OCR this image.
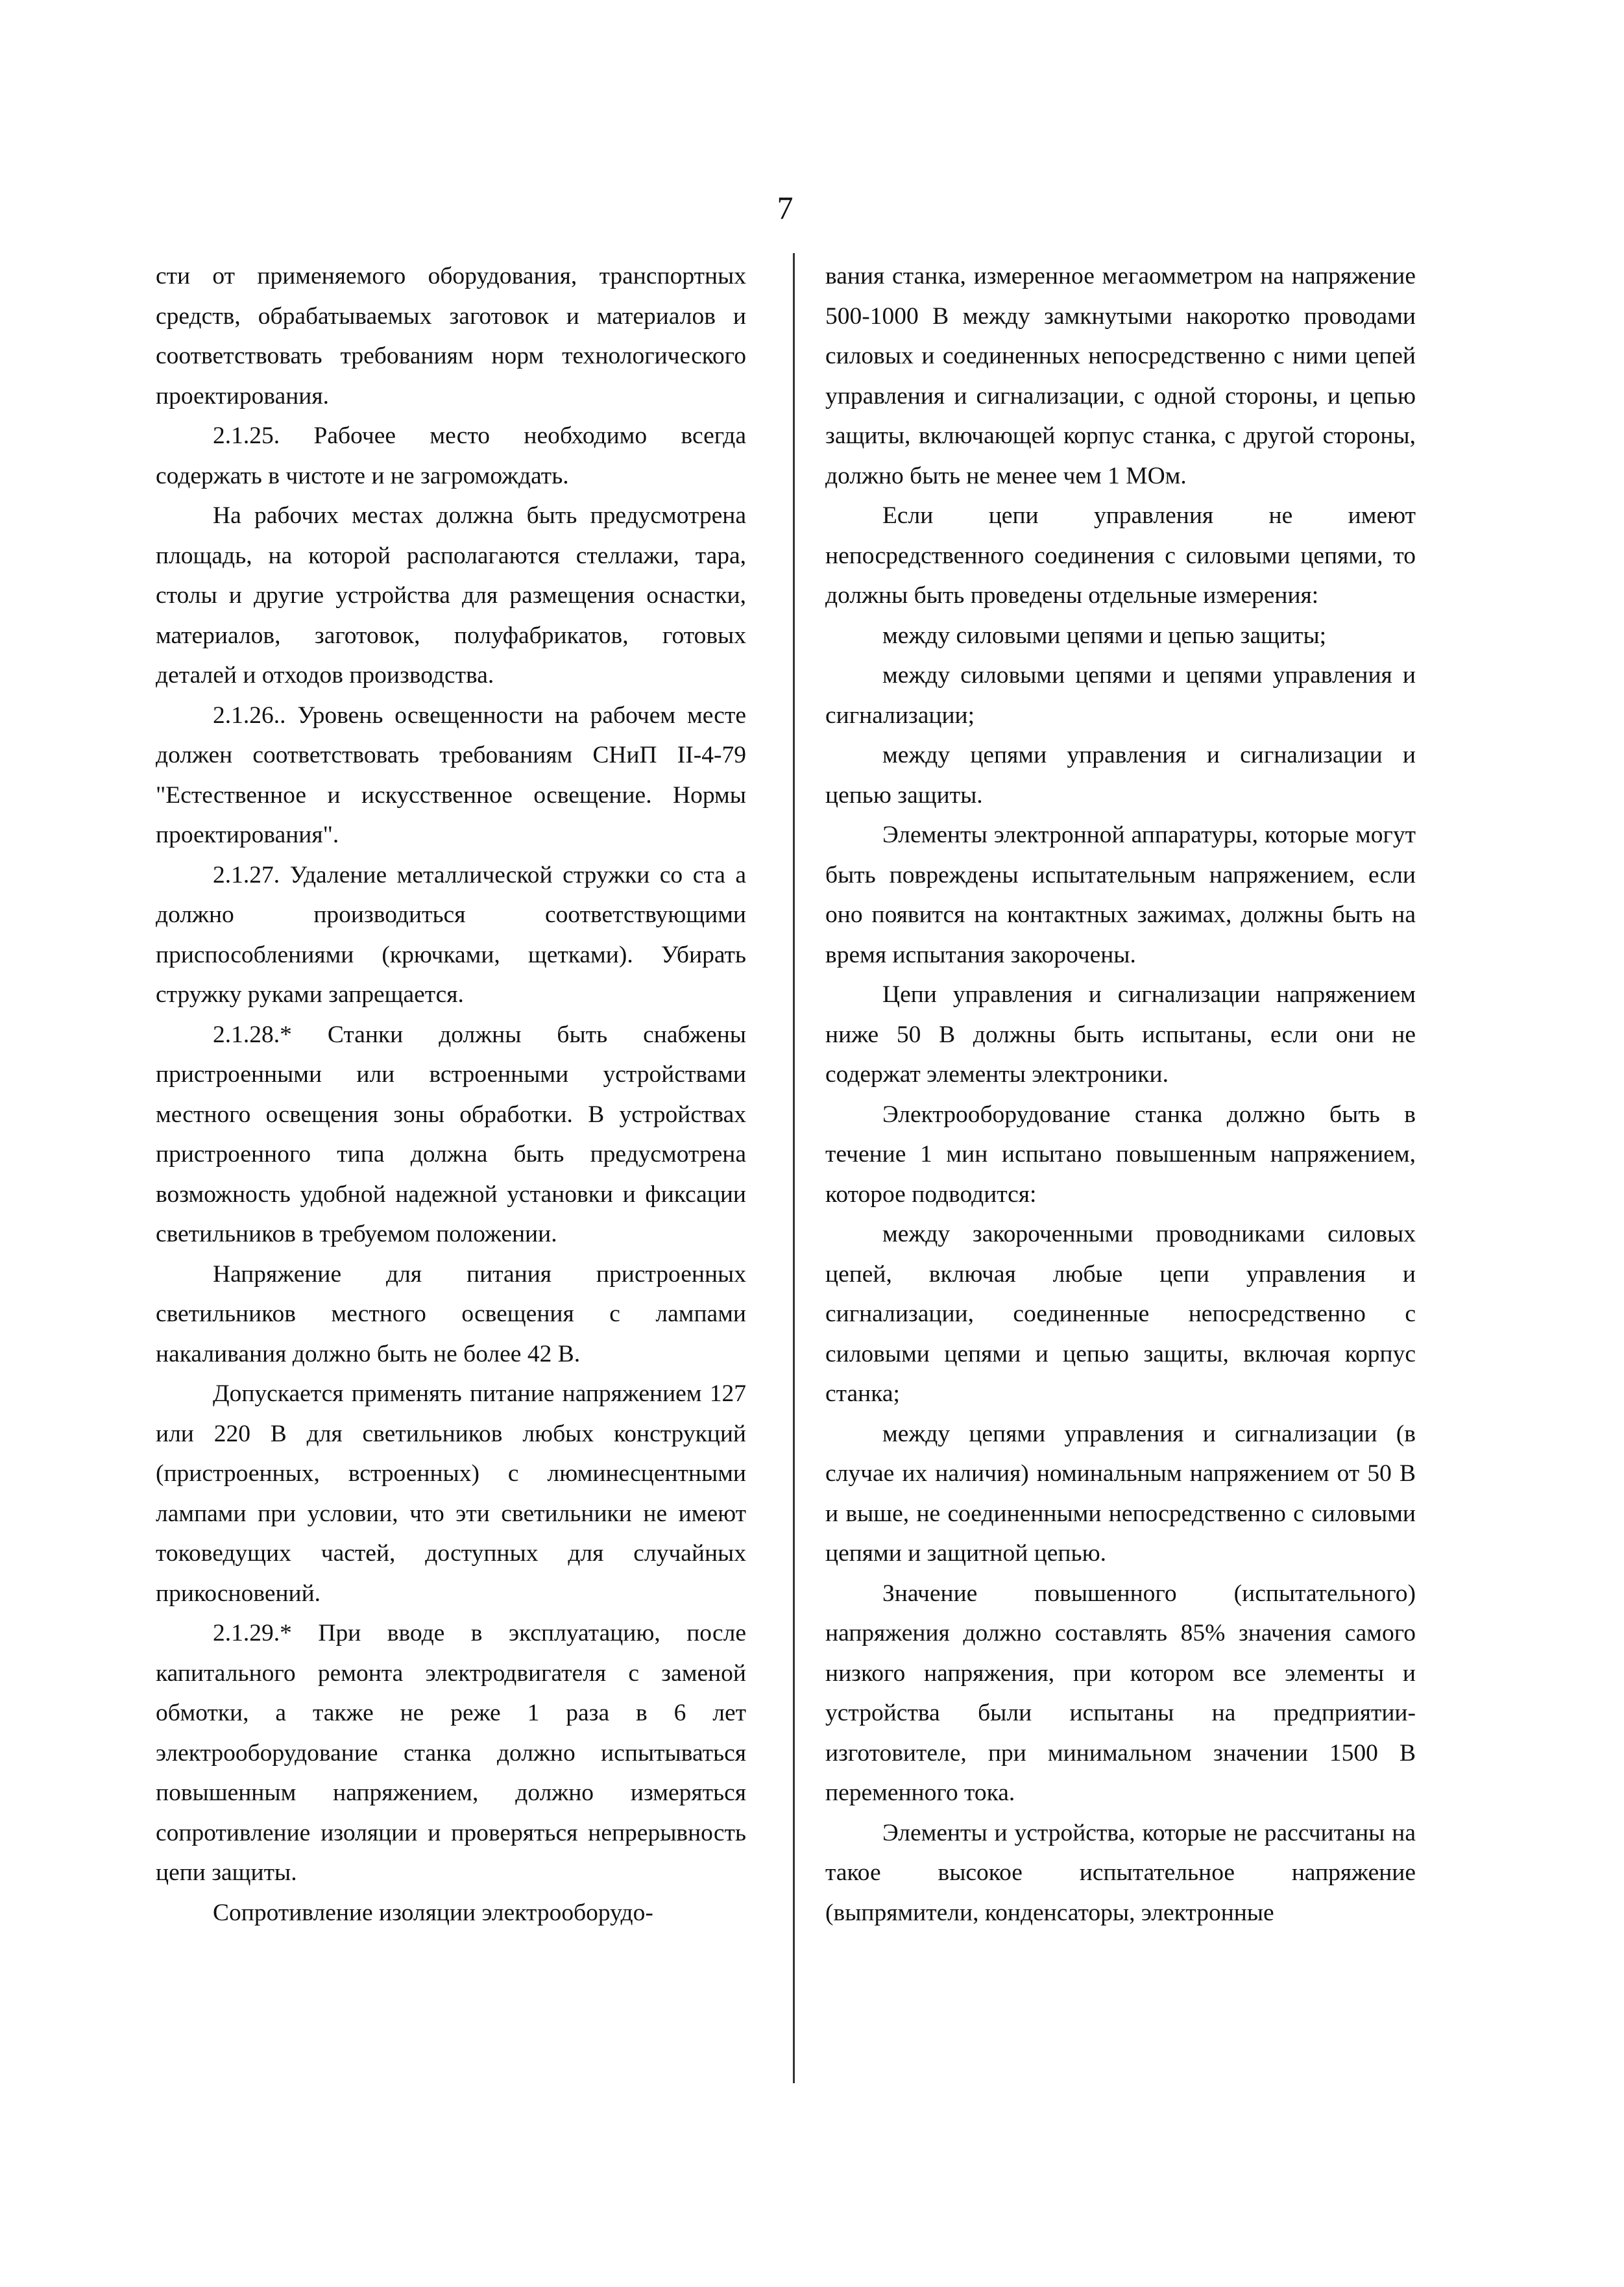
7

сти от применяемого оборудования, транспортных средств, обрабатываемых заготовок и материалов и соответствовать требованиям норм технологического проектирования.

2.1.25. Рабочее место необходимо всегда содержать в чистоте и не загромождать.

На рабочих местах должна быть предусмотрена площадь, на которой располагаются стеллажи, тара, столы и другие устройства для размещения оснастки, материалов, заготовок, полуфабрикатов, готовых деталей и отходов производства.

2.1.26.. Уровень освещенности на рабочем месте должен соответствовать требованиям СНиП II-4-79 "Естественное и искусственное освещение. Нормы проектирования".

2.1.27. Удаление металлической стружки со ста а должно производиться соответствующими приспособлениями (крючками, щетками). Убирать стружку руками запрещается.

2.1.28.* Станки должны быть снабжены пристроенными или встроенными устройствами местного освещения зоны обработки. В устройствах пристроенного типа должна быть предусмотрена возможность удобной надежной установки и фиксации светильников в требуемом положении.

Напряжение для питания пристроенных светильников местного освещения с лампами накаливания должно быть не более 42 В.

Допускается применять питание напряжением 127 или 220 В для светильников любых конструкций (пристроенных, встроенных) с люминесцентными лампами при условии, что эти светильники не имеют токоведущих частей, доступных для случайных прикосновений.

2.1.29.* При вводе в эксплуатацию, после капитального ремонта электродвигателя с заменой обмотки, а также не реже 1 раза в 6 лет электрооборудование станка должно испытываться повышенным напряжением, должно измеряться сопротивление изоляции и проверяться непрерывность цепи защиты.

Сопротивление изоляции электрооборудо-

вания станка, измеренное мегаомметром на напряжение 500-1000 В между замкнутыми накоротко проводами силовых и соединенных непосредственно с ними цепей управления и сигнализации, с одной стороны, и цепью защиты, включающей корпус станка, с другой стороны, должно быть не менее чем 1 МОм.

Если цепи управления не имеют непосредственного соединения с силовыми цепями, то должны быть проведены отдельные измерения:

между силовыми цепями и цепью защиты;

между силовыми цепями и цепями управления и сигнализации;

между цепями управления и сигнализации и цепью защиты.

Элементы электронной аппаратуры, которые могут быть повреждены испытательным напряжением, если оно появится на контактных зажимах, должны быть на время испытания закорочены.

Цепи управления и сигнализации напряжением ниже 50 В должны быть испытаны, если они не содержат элементы электроники.

Электрооборудование станка должно быть в течение 1 мин испытано повышенным напряжением, которое подводится:

между закороченными проводниками силовых цепей, включая любые цепи управления и сигнализации, соединенные непосредственно с силовыми цепями и цепью защиты, включая корпус станка;

между цепями управления и сигнализации (в случае их наличия) номинальным напряжением от 50 В и выше, не соединенными непосредственно с силовыми цепями и защитной цепью.

Значение повышенного (испытательного) напряжения должно составлять 85% значения самого низкого напряжения, при котором все элементы и устройства были испытаны на предприятии-изготовителе, при минимальном значении 1500 В переменного тока.

Элементы и устройства, которые не рассчитаны на такое высокое испытательное напряжение (выпрямители, конденсаторы, электронные
